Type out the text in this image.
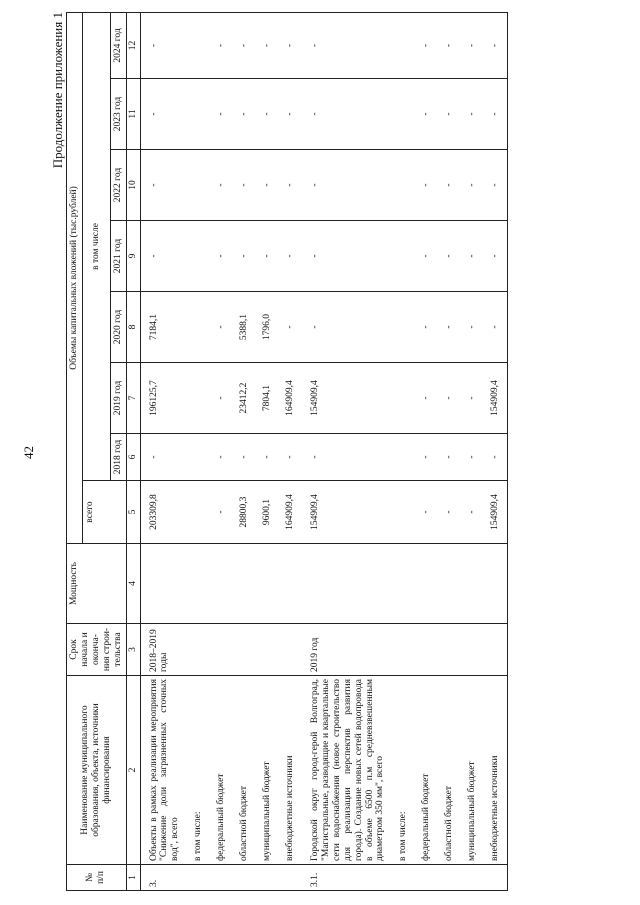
42
Продолжение приложения 1
№ п/п	Наименование муниципального образования, объекта, источники финансирования	Срок начала и оконча- ния строи- тельства	Мощность	Объемы капитальных вложений (тыс.рублей)							
				всего	в том числе						
					2018 год	2019 год	2020 год	2021 год	2022 год	2023 год	2024 год
1	2	3	4	5	6	7	8	9	10	11	12
3.	Объекты в рамках реализации мероприятия "Снижение доли загрязненных сточных вод", всего	2018–2019 годы		203309,8	-	196125,7	7184,1	-	-	-	-
	в том числе:										
	федеральный бюджет			-	-	-	-	-	-	-	-
	областной бюджет			28800,3	-	23412,2	5388,1	-	-	-	-
	муниципальный бюджет			9600,1	-	7804,1	1796,0	-	-	-	-
	внебюджетные источники			164909,4	-	164909,4	-	-	-	-	-
3.1.	Городской округ город-герой Волгоград, "Магистральные, разводящие и квартальные сети водоснабжения (новое строительство для реализации перспектив развития города). Создание новых сетей водопровода в объеме 6500 п.м средневзвешенным диаметром 350 мм", всего	2019 год		154909,4	-	154909,4	-	-	-	-	-
	в том числе:										
	федеральный бюджет			-	-	-	-	-	-	-	-
	областной бюджет			-	-	-	-	-	-	-	-
	муниципальный бюджет			-	-	-	-	-	-	-	-
	внебюджетные источники			154909,4	-	154909,4	-	-	-	-	-
